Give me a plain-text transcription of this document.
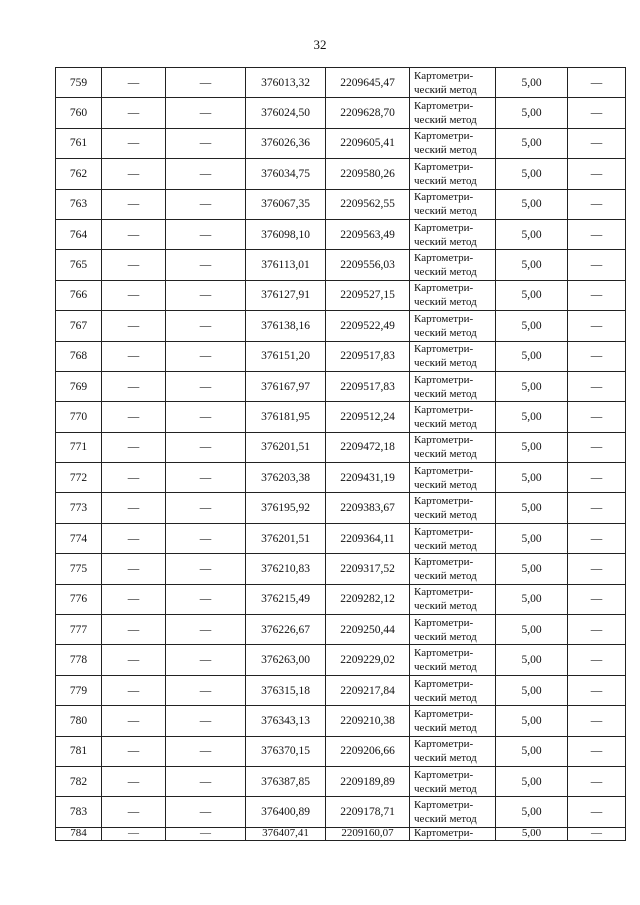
32
759	—	—	376013,32	2209645,47	Картометри-ческий метод	5,00	—
760	—	—	376024,50	2209628,70	Картометри-ческий метод	5,00	—
761	—	—	376026,36	2209605,41	Картометри-ческий метод	5,00	—
762	—	—	376034,75	2209580,26	Картометри-ческий метод	5,00	—
763	—	—	376067,35	2209562,55	Картометри-ческий метод	5,00	—
764	—	—	376098,10	2209563,49	Картометри-ческий метод	5,00	—
765	—	—	376113,01	2209556,03	Картометри-ческий метод	5,00	—
766	—	—	376127,91	2209527,15	Картометри-ческий метод	5,00	—
767	—	—	376138,16	2209522,49	Картометри-ческий метод	5,00	—
768	—	—	376151,20	2209517,83	Картометри-ческий метод	5,00	—
769	—	—	376167,97	2209517,83	Картометри-ческий метод	5,00	—
770	—	—	376181,95	2209512,24	Картометри-ческий метод	5,00	—
771	—	—	376201,51	2209472,18	Картометри-ческий метод	5,00	—
772	—	—	376203,38	2209431,19	Картометри-ческий метод	5,00	—
773	—	—	376195,92	2209383,67	Картометри-ческий метод	5,00	—
774	—	—	376201,51	2209364,11	Картометри-ческий метод	5,00	—
775	—	—	376210,83	2209317,52	Картометри-ческий метод	5,00	—
776	—	—	376215,49	2209282,12	Картометри-ческий метод	5,00	—
777	—	—	376226,67	2209250,44	Картометри-ческий метод	5,00	—
778	—	—	376263,00	2209229,02	Картометри-ческий метод	5,00	—
779	—	—	376315,18	2209217,84	Картометри-ческий метод	5,00	—
780	—	—	376343,13	2209210,38	Картометри-ческий метод	5,00	—
781	—	—	376370,15	2209206,66	Картометри-ческий метод	5,00	—
782	—	—	376387,85	2209189,89	Картометри-ческий метод	5,00	—
783	—	—	376400,89	2209178,71	Картометри-ческий метод	5,00	—
784	—	—	376407,41	2209160,07	Картометри-	5,00	—
